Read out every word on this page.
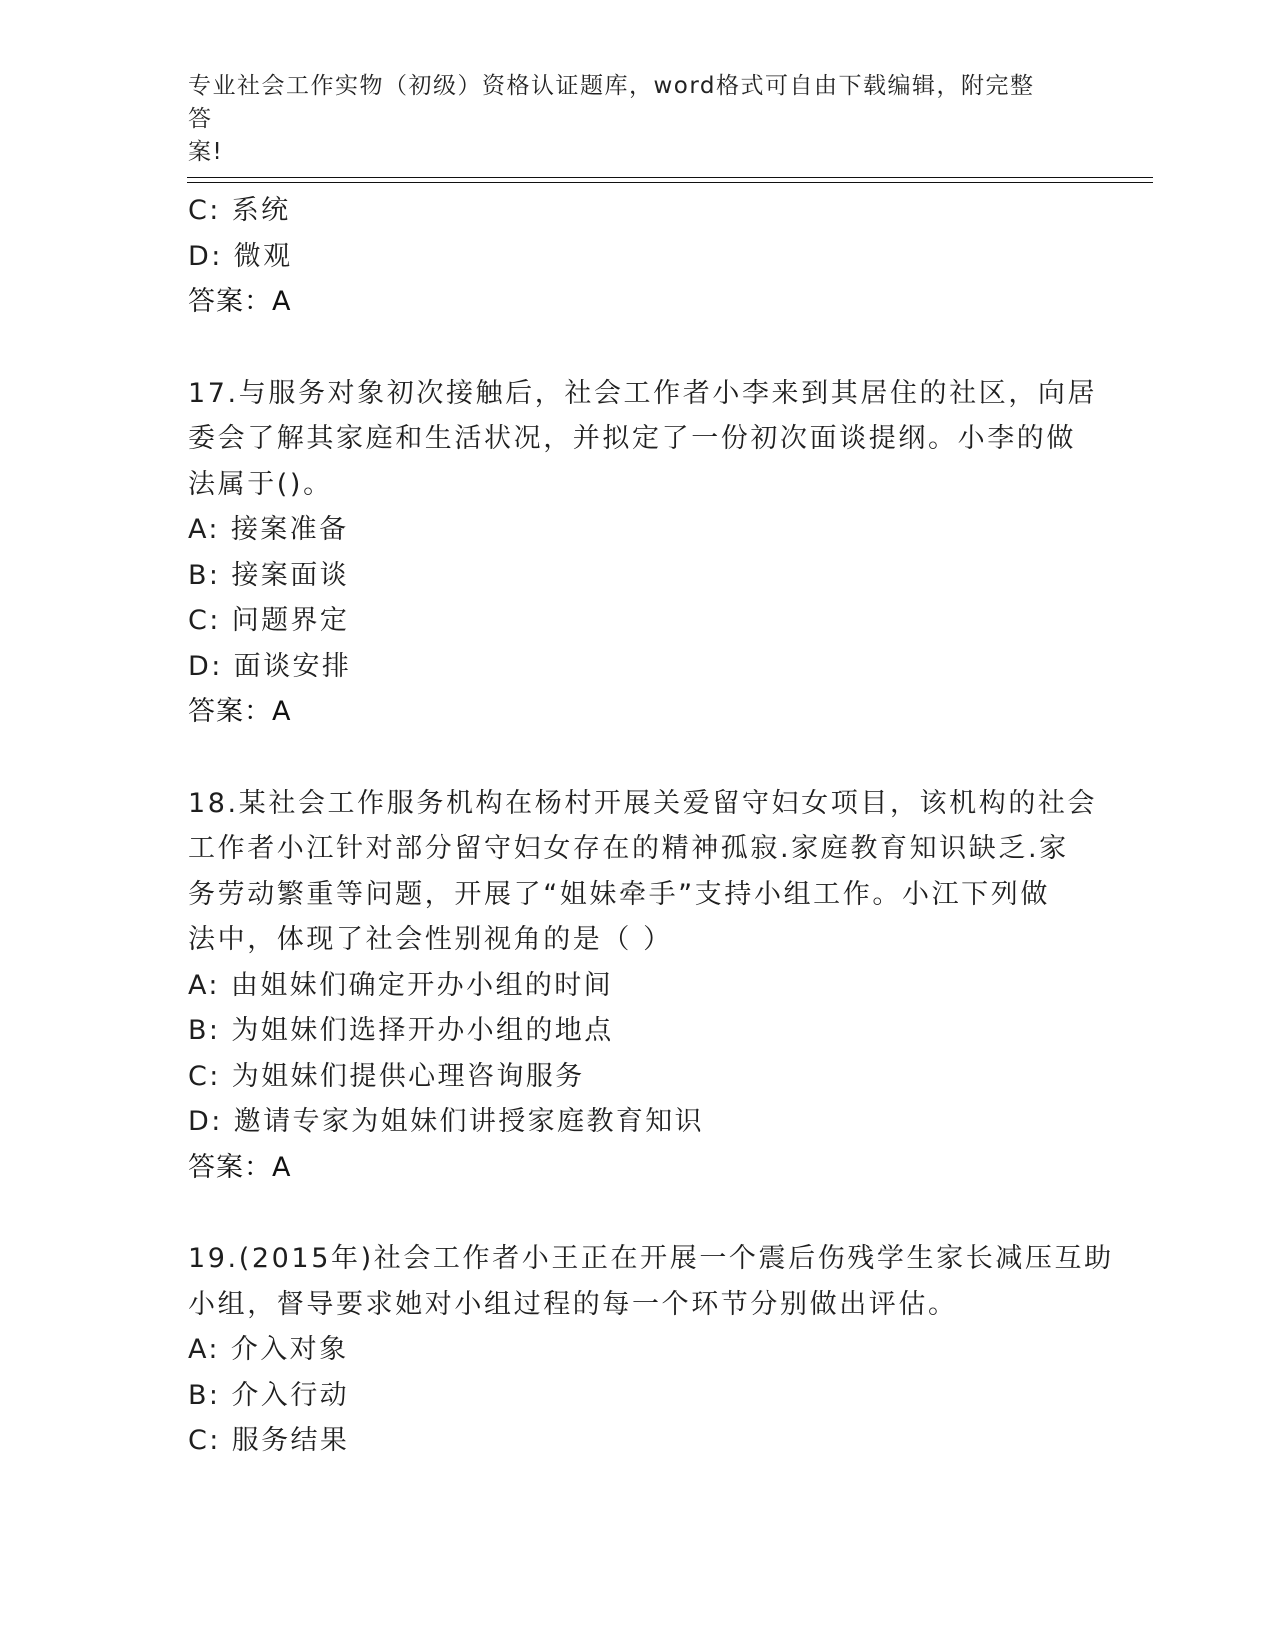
专业社会工作实物（初级）资格认证题库，word格式可自由下载编辑，附完整答
案!
C: 系统
D: 微观
答案：A
17.与服务对象初次接触后，社会工作者小李来到其居住的社区，向居
委会了解其家庭和生活状况，并拟定了一份初次面谈提纲。小李的做
法属于()。
A: 接案准备
B: 接案面谈
C: 问题界定
D: 面谈安排
答案：A
18.某社会工作服务机构在杨村开展关爱留守妇女项目，该机构的社会
工作者小江针对部分留守妇女存在的精神孤寂.家庭教育知识缺乏.家
务劳动繁重等问题，开展了“姐妹牵手”支持小组工作。小江下列做
法中，体现了社会性别视角的是（ ）
A: 由姐妹们确定开办小组的时间
B: 为姐妹们选择开办小组的地点
C: 为姐妹们提供心理咨询服务
D: 邀请专家为姐妹们讲授家庭教育知识
答案：A
19.(2015年)社会工作者小王正在开展一个震后伤残学生家长减压互助
小组，督导要求她对小组过程的每一个环节分别做出评估。
A: 介入对象
B: 介入行动
C: 服务结果
